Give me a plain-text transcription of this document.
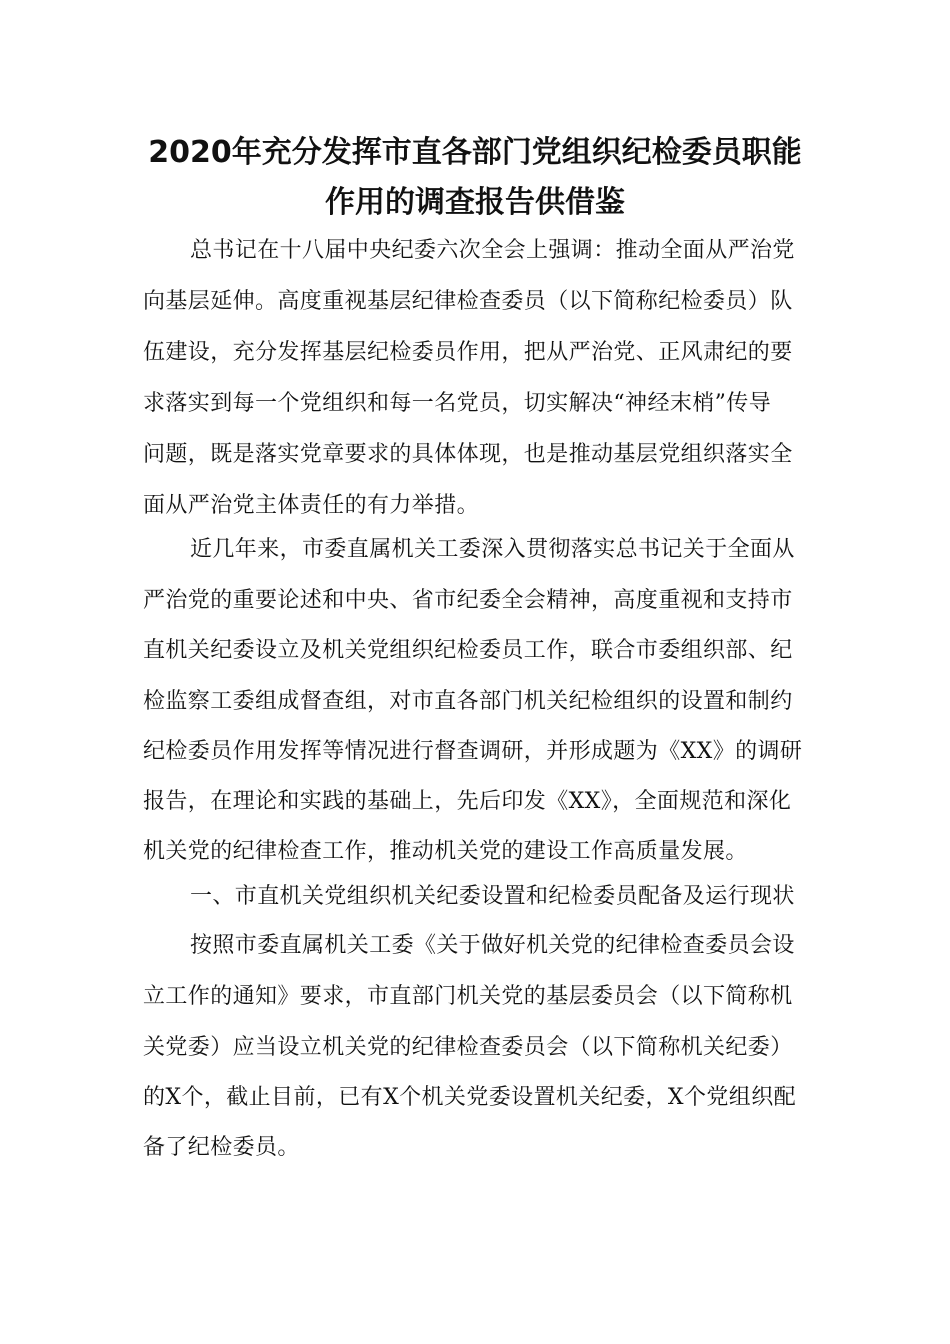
2020年充分发挥市直各部门党组织纪检委员职能
作用的调查报告供借鉴
总书记在十八届中央纪委六次全会上强调：推动全面从严治党
向基层延伸。高度重视基层纪律检查委员（以下简称纪检委员）队
伍建设，充分发挥基层纪检委员作用，把从严治党、正风肃纪的要
求落实到每一个党组织和每一名党员，切实解决“神经末梢”传导
问题，既是落实党章要求的具体体现，也是推动基层党组织落实全
面从严治党主体责任的有力举措。
近几年来，市委直属机关工委深入贯彻落实总书记关于全面从
严治党的重要论述和中央、省市纪委全会精神，高度重视和支持市
直机关纪委设立及机关党组织纪检委员工作，联合市委组织部、纪
检监察工委组成督查组，对市直各部门机关纪检组织的设置和制约
纪检委员作用发挥等情况进行督查调研，并形成题为《XX》的调研
报告，在理论和实践的基础上，先后印发《XX》，全面规范和深化
机关党的纪律检查工作，推动机关党的建设工作高质量发展。
一、市直机关党组织机关纪委设置和纪检委员配备及运行现状
按照市委直属机关工委《关于做好机关党的纪律检查委员会设
立工作的通知》要求，市直部门机关党的基层委员会（以下简称机
关党委）应当设立机关党的纪律检查委员会（以下简称机关纪委）
的X个，截止目前，已有X个机关党委设置机关纪委，X个党组织配
备了纪检委员。
